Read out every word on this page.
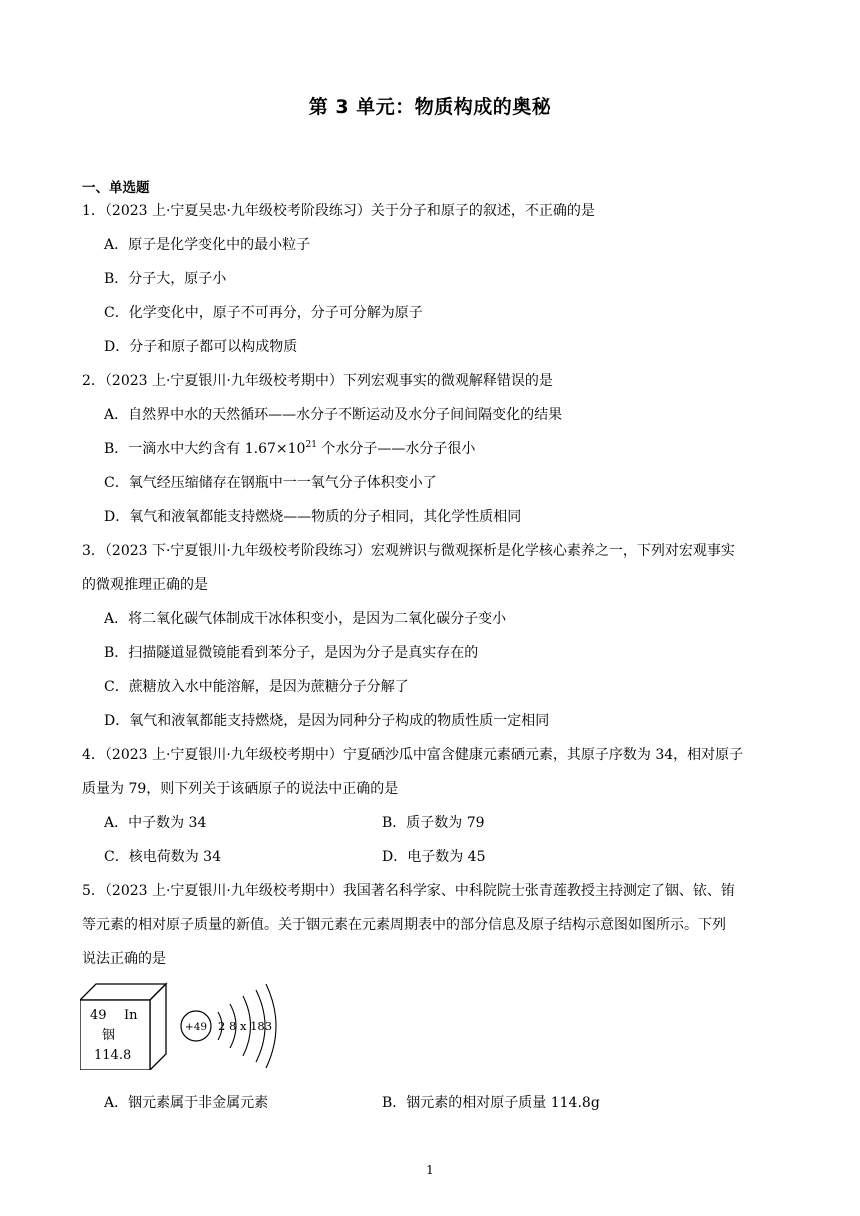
第 3 单元：物质构成的奥秘
一、单选题
1．（2023 上·宁夏吴忠·九年级校考阶段练习）关于分子和原子的叙述，不正确的是
A．原子是化学变化中的最小粒子
B．分子大，原子小
C．化学变化中，原子不可再分，分子可分解为原子
D．分子和原子都可以构成物质
2．（2023 上·宁夏银川·九年级校考期中）下列宏观事实的微观解释错误的是
A．自然界中水的天然循环——水分子不断运动及水分子间间隔变化的结果
B．一滴水中大约含有 $1.67\times 10^{21}$ 个水分子——水分子很小
C．氧气经压缩储存在钢瓶中一一氧气分子体积变小了
D．氧气和液氧都能支持燃烧——物质的分子相同，其化学性质相同
3．（2023 下·宁夏银川·九年级校考阶段练习）宏观辨识与微观探析是化学核心素养之一，下列对宏观事实
的微观推理正确的是
A．将二氧化碳气体制成干冰体积变小，是因为二氧化碳分子变小
B．扫描隧道显微镜能看到苯分子，是因为分子是真实存在的
C．蔗糖放入水中能溶解，是因为蔗糖分子分解了
D．氧气和液氧都能支持燃烧，是因为同种分子构成的物质性质一定相同
4．（2023 上·宁夏银川·九年级校考期中）宁夏硒沙瓜中富含健康元素硒元素，其原子序数为 34，相对原子
质量为 79，则下列关于该硒原子的说法中正确的是
A．中子数为 34	B．质子数为 79
C．核电荷数为 34	D．电子数为 45
5．（2023 上·宁夏银川·九年级校考期中）我国著名科学家、中科院院士张青莲教授主持测定了铟、铱、铕
等元素的相对原子质量的新值。关于铟元素在元素周期表中的部分信息及原子结构示意图如图所示。下列
说法正确的是
49 In
铟
114.8
+49 2 8 x 183
A．铟元素属于非金属元素	B．铟元素的相对原子质量 114.8g
1
